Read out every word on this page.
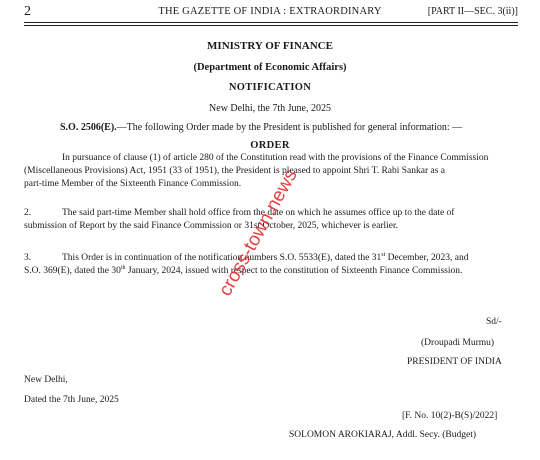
2	THE GAZETTE OF INDIA : EXTRAORDINARY	[PART II—SEC. 3(ii)]
MINISTRY OF FINANCE
(Department of Economic Affairs)
NOTIFICATION
New Delhi, the 7th June, 2025
S.O. 2506(E).—The following Order made by the President is published for general information: —
ORDER
In pursuance of clause (1) of article 280 of the Constitution read with the provisions of the Finance Commission
(Miscellaneous Provisions) Act, 1951 (33 of 1951), the President is pleased to appoint Shri T. Rabi Sankar as a
part-time Member of the Sixteenth Finance Commission.
2.	The said part-time Member shall hold office from the date on which he assumes office up to the date of
submission of Report by the said Finance Commission or 31st October, 2025, whichever is earlier.
3.	This Order is in continuation of the notification numbers S.O. 5533(E), dated the 31st December, 2023, and
S.O. 369(E), dated the 30th January, 2024, issued with respect to the constitution of Sixteenth Finance Commission.
Sd/-
(Droupadi Murmu)
PRESIDENT OF INDIA
New Delhi,
Dated the 7th June, 2025
[F. No. 10(2)-B(S)/2022]
SOLOMON AROKIARAJ, Addl. Secy. (Budget)
cross-town.news
